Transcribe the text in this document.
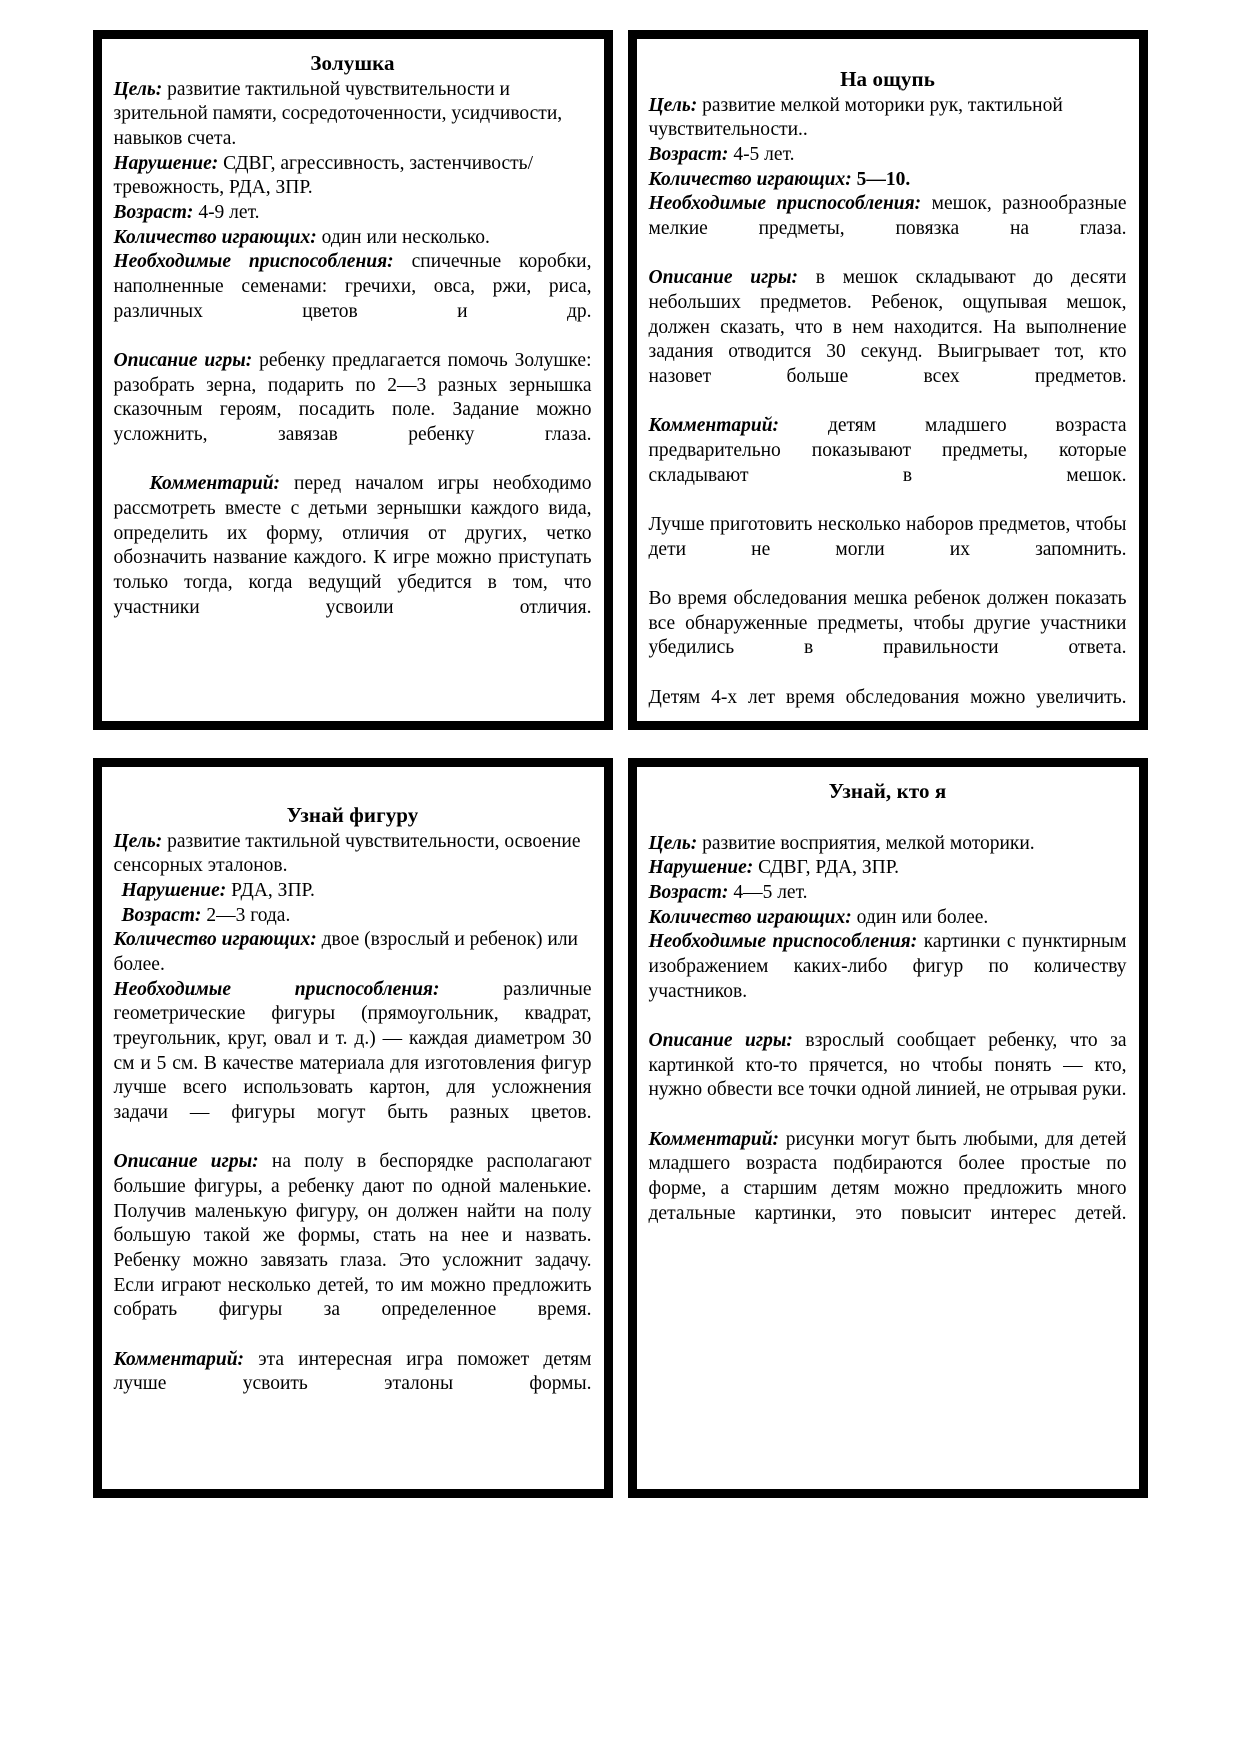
Золушка

Цель: развитие тактильной чувствительности и зрительной памяти, сосредоточенности, усидчивости, навыков счета.

Нарушение: СДВГ, агрессивность, застенчивость/тревожность, РДА, ЗПР.

Возраст: 4-9 лет.

Количество играющих: один или несколько.

Необходимые приспособления: спичечные коробки, наполненные семенами: гречихи, овса, ржи, риса, различных цветов и др.

Описание игры: ребенку предлагается помочь Золушке: разобрать зерна, подарить по 2—3 разных зернышка сказочным героям, посадить поле. Задание можно усложнить, завязав ребенку глаза.

Комментарий: перед началом игры необходимо рассмотреть вместе с детьми зернышки каждого вида, определить их форму, отличия от других, четко обозначить название каждого. К игре можно приступать только тогда, когда ведущий убедится в том, что участники усвоили отличия.

На ощупь

Цель: развитие мелкой моторики рук, тактильной чувствительности..

Возраст: 4-5 лет.

Количество играющих: 5—10.

Необходимые приспособления: мешок, разнообразные мелкие предметы, повязка на глаза.

Описание игры: в мешок складывают до десяти небольших предметов. Ребенок, ощупывая мешок, должен сказать, что в нем находится. На выполнение задания отводится 30 секунд. Выигрывает тот, кто назовет больше всех предметов.

Комментарий: детям младшего возраста предварительно показывают предметы, которые складывают в мешок.

Лучше приготовить несколько наборов предметов, чтобы дети не могли их запомнить.

Во время обследования мешка ребенок должен показать все обнаруженные предметы, чтобы другие участники убедились в правильности ответа.

Детям 4-х лет время обследования можно увеличить.

Узнай фигуру

Цель: развитие тактильной чувствительности, освоение сенсорных эталонов.

Нарушение: РДА, ЗПР.

Возраст: 2—3 года.

Количество играющих: двое (взрослый и ребенок) или более.

Необходимые приспособления: различные геометрические фигуры (прямоугольник, квадрат, треугольник, круг, овал и т. д.) — каждая диаметром 30 см и 5 см. В качестве материала для изготовления фигур лучше всего использовать картон, для усложнения задачи — фигуры могут быть разных цветов.

Описание игры: на полу в беспорядке располагают большие фигуры, а ребенку дают по одной маленькие. Получив маленькую фигуру, он должен найти на полу большую такой же формы, стать на нее и назвать. Ребенку можно завязать глаза. Это усложнит задачу. Если играют несколько детей, то им можно предложить собрать фигуры за определенное время.

Комментарий: эта интересная игра поможет детям лучше усвоить эталоны формы.

Узнай, кто я

Цель: развитие восприятия, мелкой моторики.

Нарушение: СДВГ, РДА, ЗПР.

Возраст: 4—5 лет.

Количество играющих: один или более.

Необходимые приспособления: картинки с пунктирным изображением каких-либо фигур по количеству участников.

Описание игры: взрослый сообщает ребенку, что за картинкой кто-то прячется, но чтобы понять — кто, нужно обвести все точки одной линией, не отрывая руки.

Комментарий: рисунки могут быть любыми, для детей младшего возраста подбираются более простые по форме, а старшим детям можно предложить много детальные картинки, это повысит интерес детей.
